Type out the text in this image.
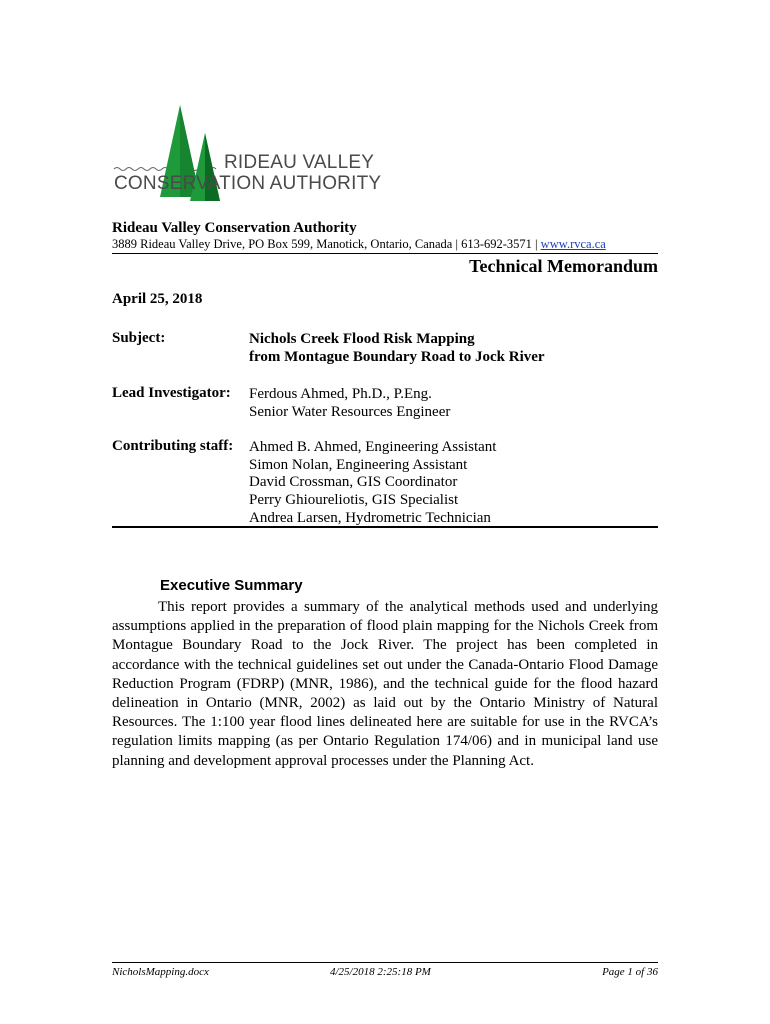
RIDEAU VALLEY
CONSERVATION AUTHORITY
Rideau Valley Conservation Authority
3889 Rideau Valley Drive, PO Box 599, Manotick, Ontario, Canada | 613-692-3571 | www.rvca.ca
Technical Memorandum
April 25, 2018
Subject:	Nichols Creek Flood Risk Mapping
from Montague Boundary Road to Jock River
Lead Investigator: Ferdous Ahmed, Ph.D., P.Eng.
Senior Water Resources Engineer
Contributing staff: Ahmed B. Ahmed, Engineering Assistant
Simon Nolan, Engineering Assistant
David Crossman, GIS Coordinator
Perry Ghioureliotis, GIS Specialist
Andrea Larsen, Hydrometric Technician
Executive Summary

This report provides a summary of the analytical methods used and underlying assumptions applied in the preparation of flood plain mapping for the Nichols Creek from Montague Boundary Road to the Jock River. The project has been completed in accordance with the technical guidelines set out under the Canada-Ontario Flood Damage Reduction Program (FDRP) (MNR, 1986), and the technical guide for the flood hazard delineation in Ontario (MNR, 2002) as laid out by the Ontario Ministry of Natural Resources. The 1:100 year flood lines delineated here are suitable for use in the RVCA’s regulation limits mapping (as per Ontario Regulation 174/06) and in municipal land use planning and development approval processes under the Planning Act.

NicholsMapping.docx	4/25/2018 2:25:18 PM	Page 1 of 36
